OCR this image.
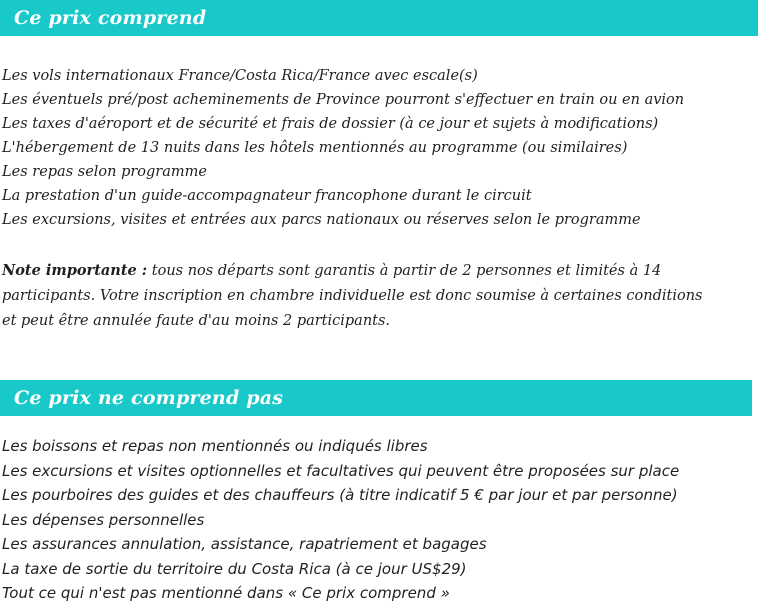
Ce prix comprend
Les vols internationaux France/Costa Rica/France avec escale(s)
Les éventuels pré/post acheminements de Province pourront s'effectuer en train ou en avion
Les taxes d'aéroport et de sécurité et frais de dossier (à ce jour et sujets à modifications)
L'hébergement de 13 nuits dans les hôtels mentionnés au programme (ou similaires)
Les repas selon programme
La prestation d'un guide-accompagnateur francophone durant le circuit
Les excursions, visites et entrées aux parcs nationaux ou réserves selon le programme
Note importante : tous nos départs sont garantis à partir de 2 personnes et limités à 14 participants. Votre inscription en chambre individuelle est donc soumise à certaines conditions et peut être annulée faute d'au moins 2 participants.
Ce prix ne comprend pas
Les boissons et repas non mentionnés ou indiqués libres
Les excursions et visites optionnelles et facultatives qui peuvent être proposées sur place
Les pourboires des guides et des chauffeurs (à titre indicatif 5 € par jour et par personne)
Les dépenses personnelles
Les assurances annulation, assistance, rapatriement et bagages
La taxe de sortie du territoire du Costa Rica (à ce jour US$29)
Tout ce qui n'est pas mentionné dans « Ce prix comprend »
